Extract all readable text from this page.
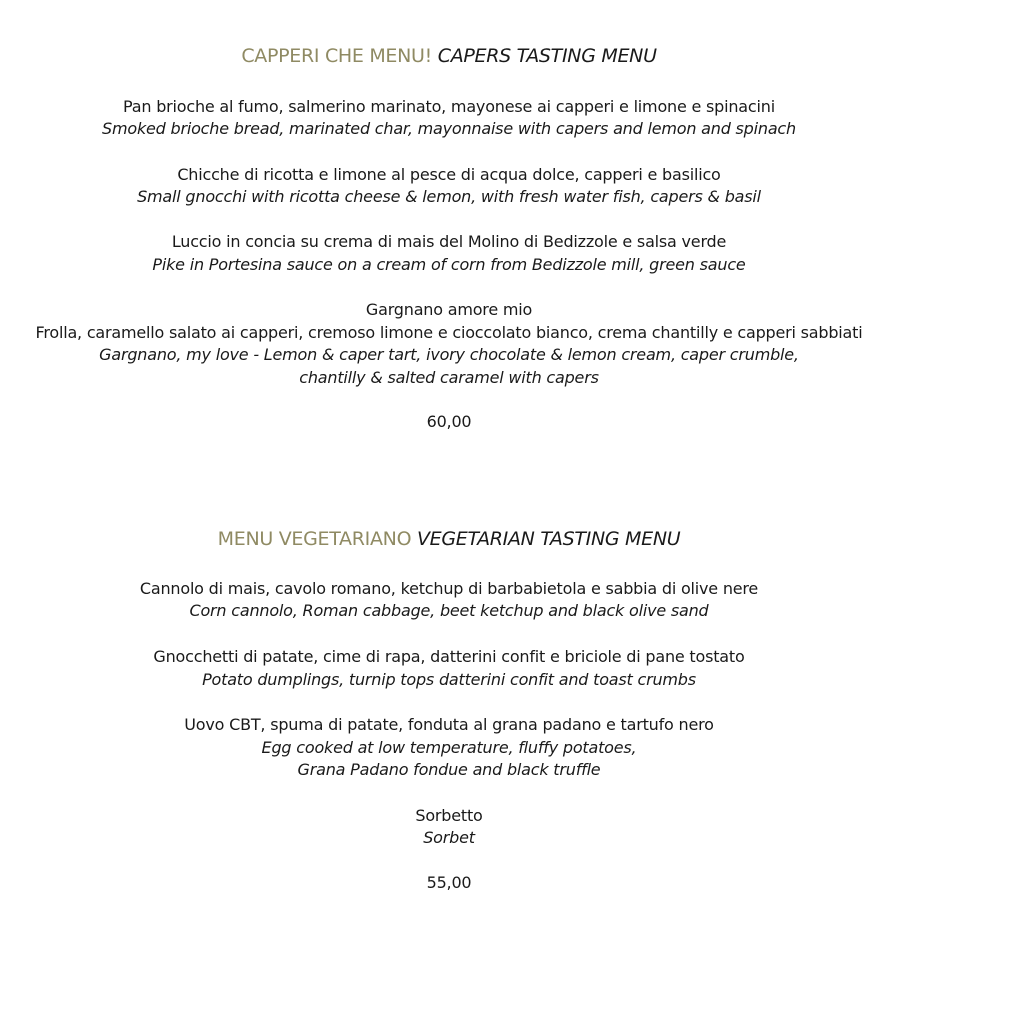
CAPPERI CHE MENU! CAPERS TASTING MENU
Pan brioche al fumo, salmerino marinato, mayonese ai capperi e limone e spinacini
Smoked brioche bread, marinated char, mayonnaise with capers and lemon and spinach
Chicche di ricotta e limone al pesce di acqua dolce, capperi e basilico
Small gnocchi with ricotta cheese & lemon, with fresh water fish, capers & basil
Luccio in concia su crema di mais del Molino di Bedizzole e salsa verde
Pike in Portesina sauce on a cream of corn from Bedizzole mill, green sauce
Gargnano amore mio
Frolla, caramello salato ai capperi, cremoso limone e cioccolato bianco, crema chantilly e capperi sabbiati
Gargnano, my love - Lemon & caper tart, ivory chocolate & lemon cream, caper crumble,
chantilly & salted caramel with capers
60,00
MENU VEGETARIANO VEGETARIAN TASTING MENU
Cannolo di mais, cavolo romano, ketchup di barbabietola e sabbia di olive nere
Corn cannolo, Roman cabbage, beet ketchup and black olive sand
Gnocchetti di patate, cime di rapa, datterini confit e briciole di pane tostato
Potato dumplings, turnip tops datterini confit and toast crumbs
Uovo CBT, spuma di patate, fonduta al grana padano e tartufo nero
Egg cooked at low temperature, fluffy potatoes,
Grana Padano fondue and black truffle
Sorbetto
Sorbet
55,00
